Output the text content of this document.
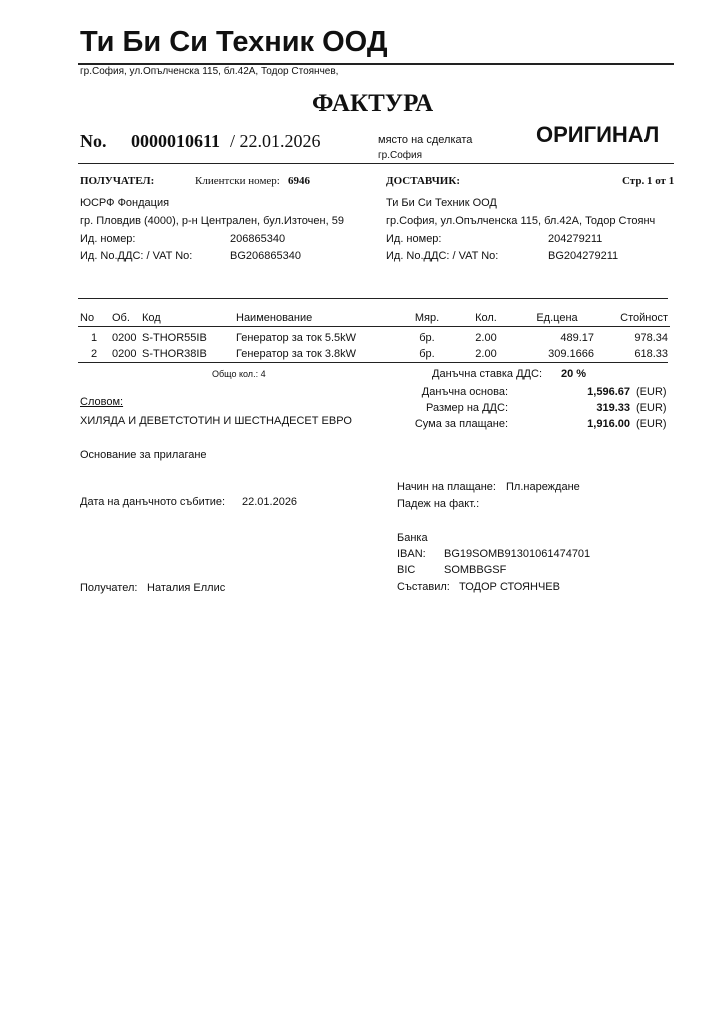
Ти Би Си Техник ООД
гр.София, ул.Опълченска 115, бл.42А, Тодор Стоянчев,
ФАКТУРА
No. 0000010611 / 22.01.2026	място на сделката
гр.София
ОРИГИНАЛ
ПОЛУЧАТЕЛ:	Клиентски номер: 6946	ДОСТАВЧИК:	Стр. 1 от 1
ЮСРФ Фондация
гр. Пловдив (4000), р-н Централен, бул.Източен, 59
Ид. номер:	206865340
Ид. No.ДДС: / VAT No:	BG206865340
Ти Би Си Техник ООД
гр.София, ул.Опълченска 115, бл.42А, Тодор Стоянч
Ид. номер:	204279211
Ид. No.ДДС: / VAT No:	BG204279211
No	Об.	Код	Наименование	Мяр.	Кол.	Ед.цена	Стойност

1	0200	S-THOR55IB	Генератор за ток 5.5kW	бр.	2.00	489.17	978.34
2	0200	S-THOR38IB	Генератор за ток 3.8kW	бр.	2.00	309.1666	618.33
Общо кол.: 4	Данъчна ставка ДДС: 20 %
Данъчна основа:	1,596.67 (EUR)
Размер на ДДС:	319.33 (EUR)
Сума за плащане:	1,916.00 (EUR)
Словом:
ХИЛЯДА И ДЕВЕТСТОТИН И ШЕСТНАДЕСЕТ ЕВРО
Основание за прилагане
Начин на плащане: Пл.нареждане
Падеж на факт.:
Дата на данъчното събитие: 22.01.2026
Банка
IBAN: BG19SOMB91301061474701
BIC	SOMBBGSF
Получател: Наталия Еллис	Съставил: ТОДОР СТОЯНЧЕВ
